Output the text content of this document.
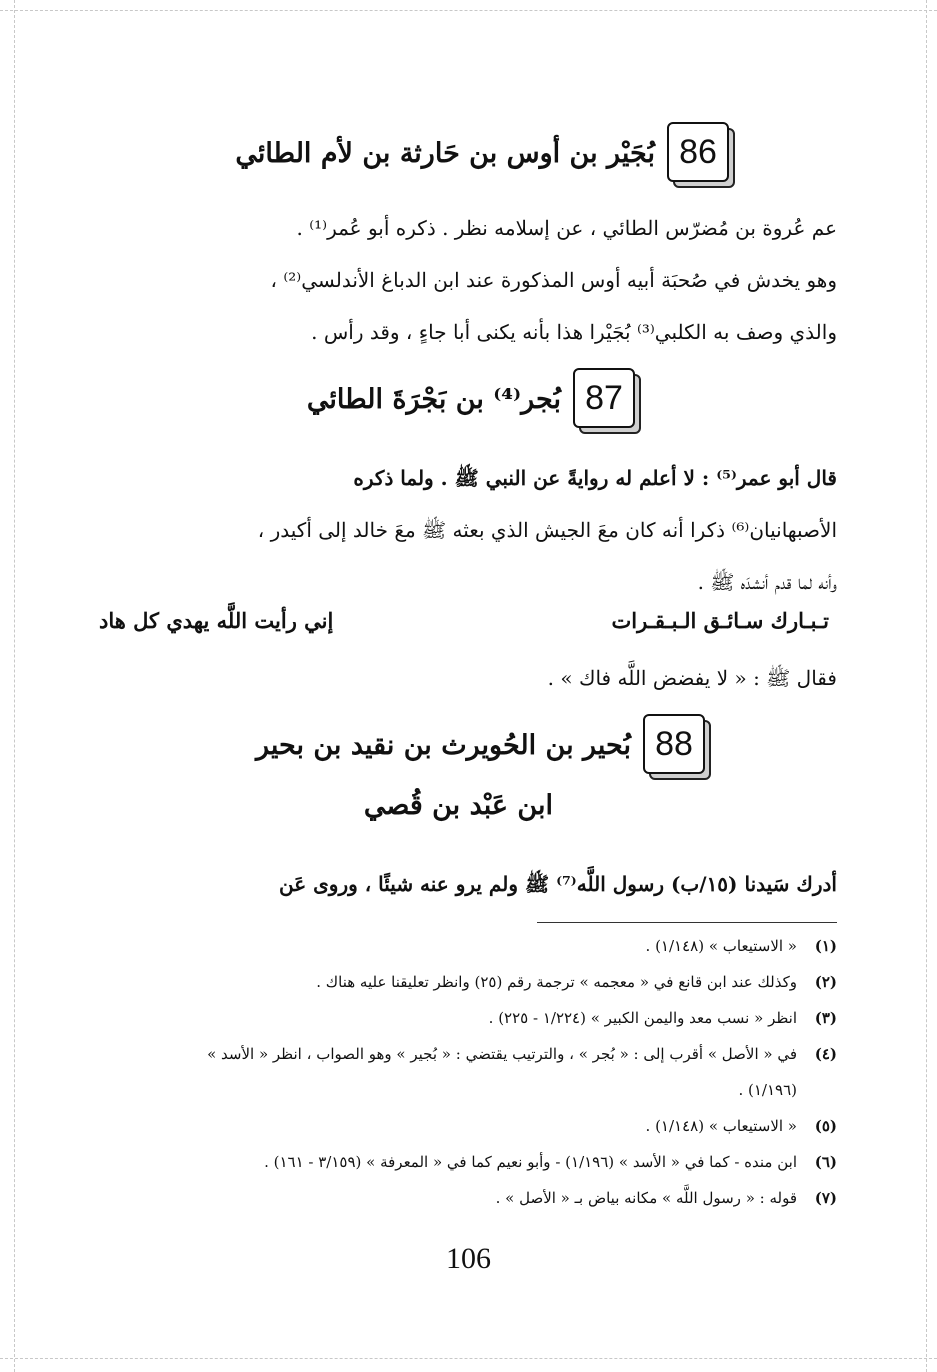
86
بُجَيْر بن أوس بن حَارثة بن لأم الطائي

عم عُروة بن مُضرّس الطائي ، عن إسلامه نظر . ذكره أبو عُمر⁽¹⁾ .

وهو يخدش في صُحبَة أبيه أوس المذكورة عند ابن الدباغ الأندلسي⁽²⁾ ،

والذي وصف به الكلبي⁽³⁾ بُجَيْرا هذا بأنه يكنى أبا جاءٍ ، وقد رأس .

87
بُجر⁽⁴⁾ بن بَجْرَةَ الطائي

قال أبو عمر⁽⁵⁾ : لا أعلم له روايةً عن النبي ﷺ . ولما ذكره

الأصبهانيان⁽⁶⁾ ذكرا أنه كان معَ الجيش الذي بعثه ﷺ معَ خالد إلى أكيدر ،

وأنه لما قدم أنشدَه ﷺ .

تـبـارك سـائـق الـبـقـرات
إني رأيت اللَّه يهدي كل هاد

فقال ﷺ : « لا يفضض اللَّه فاك » .

88
بُحير بن الحُويرث بن نقيد بن بحير
ابن عَبْد بن قُصي

أدرك سَيدنا (١٥/ب) رسول اللَّه⁽⁷⁾ ﷺ ولم يرو عنه شيئًا ، وروى عَن

(١)
« الاستيعاب » (١/١٤٨) .
(٢)
وكذلك عند ابن قانع في « معجمه » ترجمة رقم (٢٥) وانظر تعليقنا عليه هناك .
(٣)
انظر « نسب معد واليمن الكبير » (١/٢٢٤ - ٢٢٥) .
(٤)
في « الأصل » أقرب إلى : « بُجر » ، والترتيب يقتضي : « بُجير » وهو الصواب ، انظر « الأسد »
(١/١٩٦) .
(٥)
« الاستيعاب » (١/١٤٨) .
(٦)
ابن منده - كما في « الأسد » (١/١٩٦) - وأبو نعيم كما في « المعرفة » (٣/١٥٩ - ١٦١) .
(٧)
قوله : « رسول اللَّه » مكانه بياض بـ « الأصل » .
106
